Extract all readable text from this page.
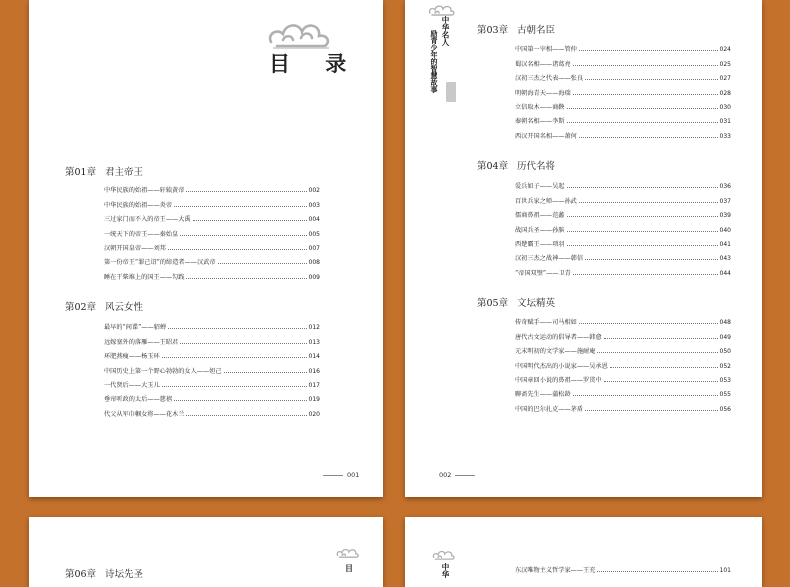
目 录
第01章 君主帝王
中华民族的始祖——轩辕黄帝	002
中华民族的始祖——炎帝	003
三过家门而不入的帝王——大禹	004
一统天下的帝王——秦始皇	005
汉朝开国皇帝——刘邦	007
第一份帝王“罪己诏”的缔造者——汉武帝	008
睡在干柴堆上的国王——勾践	009
第02章 风云女性
最早的“间谍”——貂蝉	012
远嫁塞外的落雁——王昭君	013
环肥燕瘦——杨玉环	014
中国历史上第一个野心勃勃的女人——妲己	016
一代贤后——大玉儿	017
垂帘听政的太后——慈禧	019
代父从军巾帼女将——花木兰	020
001
中华名人
励青少年的智慧故事	第03章 古朝名臣
中国第一宰相——管仲	024
蜀汉名相——诸葛亮	025
汉初三杰之代表——张良	027
明朝海青天——海瑞	028
立信取木——商鞅	030
秦朝名相——李斯	031
西汉开国名相——萧何	033
第04章 历代名将
爱兵如子——吴起	036
百世兵家之师——孙武	037
儒商鼻祖——范蠡	039
战国兵圣——孙膑	040
西楚霸王——项羽	041
汉初三杰之战神——韩信	043
“帝国双璧”——卫青	044
第05章 文坛精英
传奇赋手——司马相如	048
唐代古文运动的倡导者——韩愈	049
元末明初的文学家——施耐庵	050
中国明代杰出的小说家——吴承恩	052
中国章回小说的鼻祖——罗贯中	053
聊斋先生——蒲松龄	055
中国的巴尔扎克——茅盾	056
002
目
第06章 诗坛先圣	中华	东汉唯物主义哲学家——王充	101
